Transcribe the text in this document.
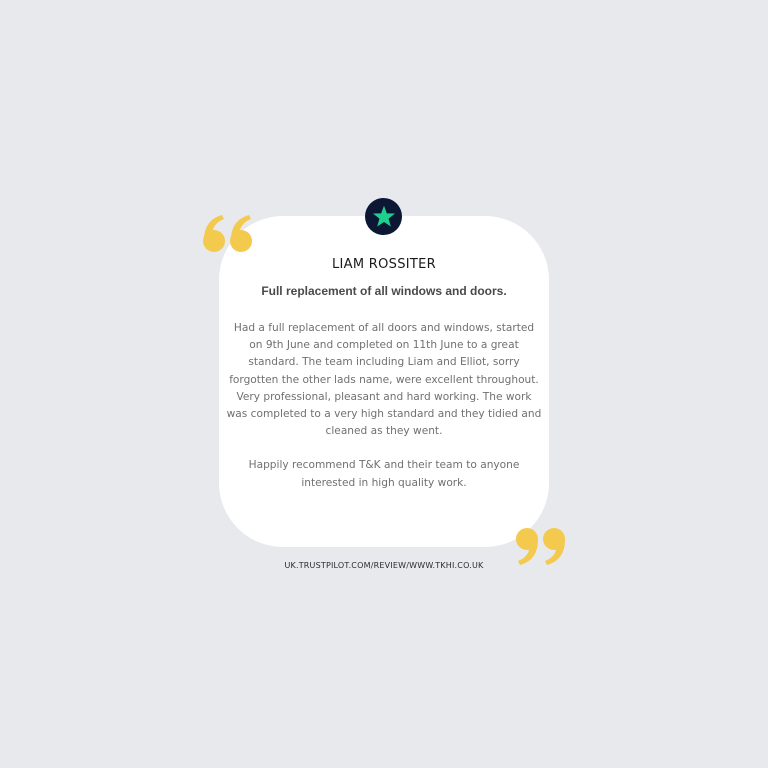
LIAM ROSSITER
Full replacement of all windows and doors.

Had a full replacement of all doors and windows, started on 9th June and completed on 11th June to a great standard. The team including Liam and Elliot, sorry forgotten the other lads name, were excellent throughout. Very professional, pleasant and hard working. The work was completed to a very high standard and they tidied and cleaned as they went.

Happily recommend T&K and their team to anyone interested in high quality work.

UK.TRUSTPILOT.COM/REVIEW/WWW.TKHI.CO.UK
